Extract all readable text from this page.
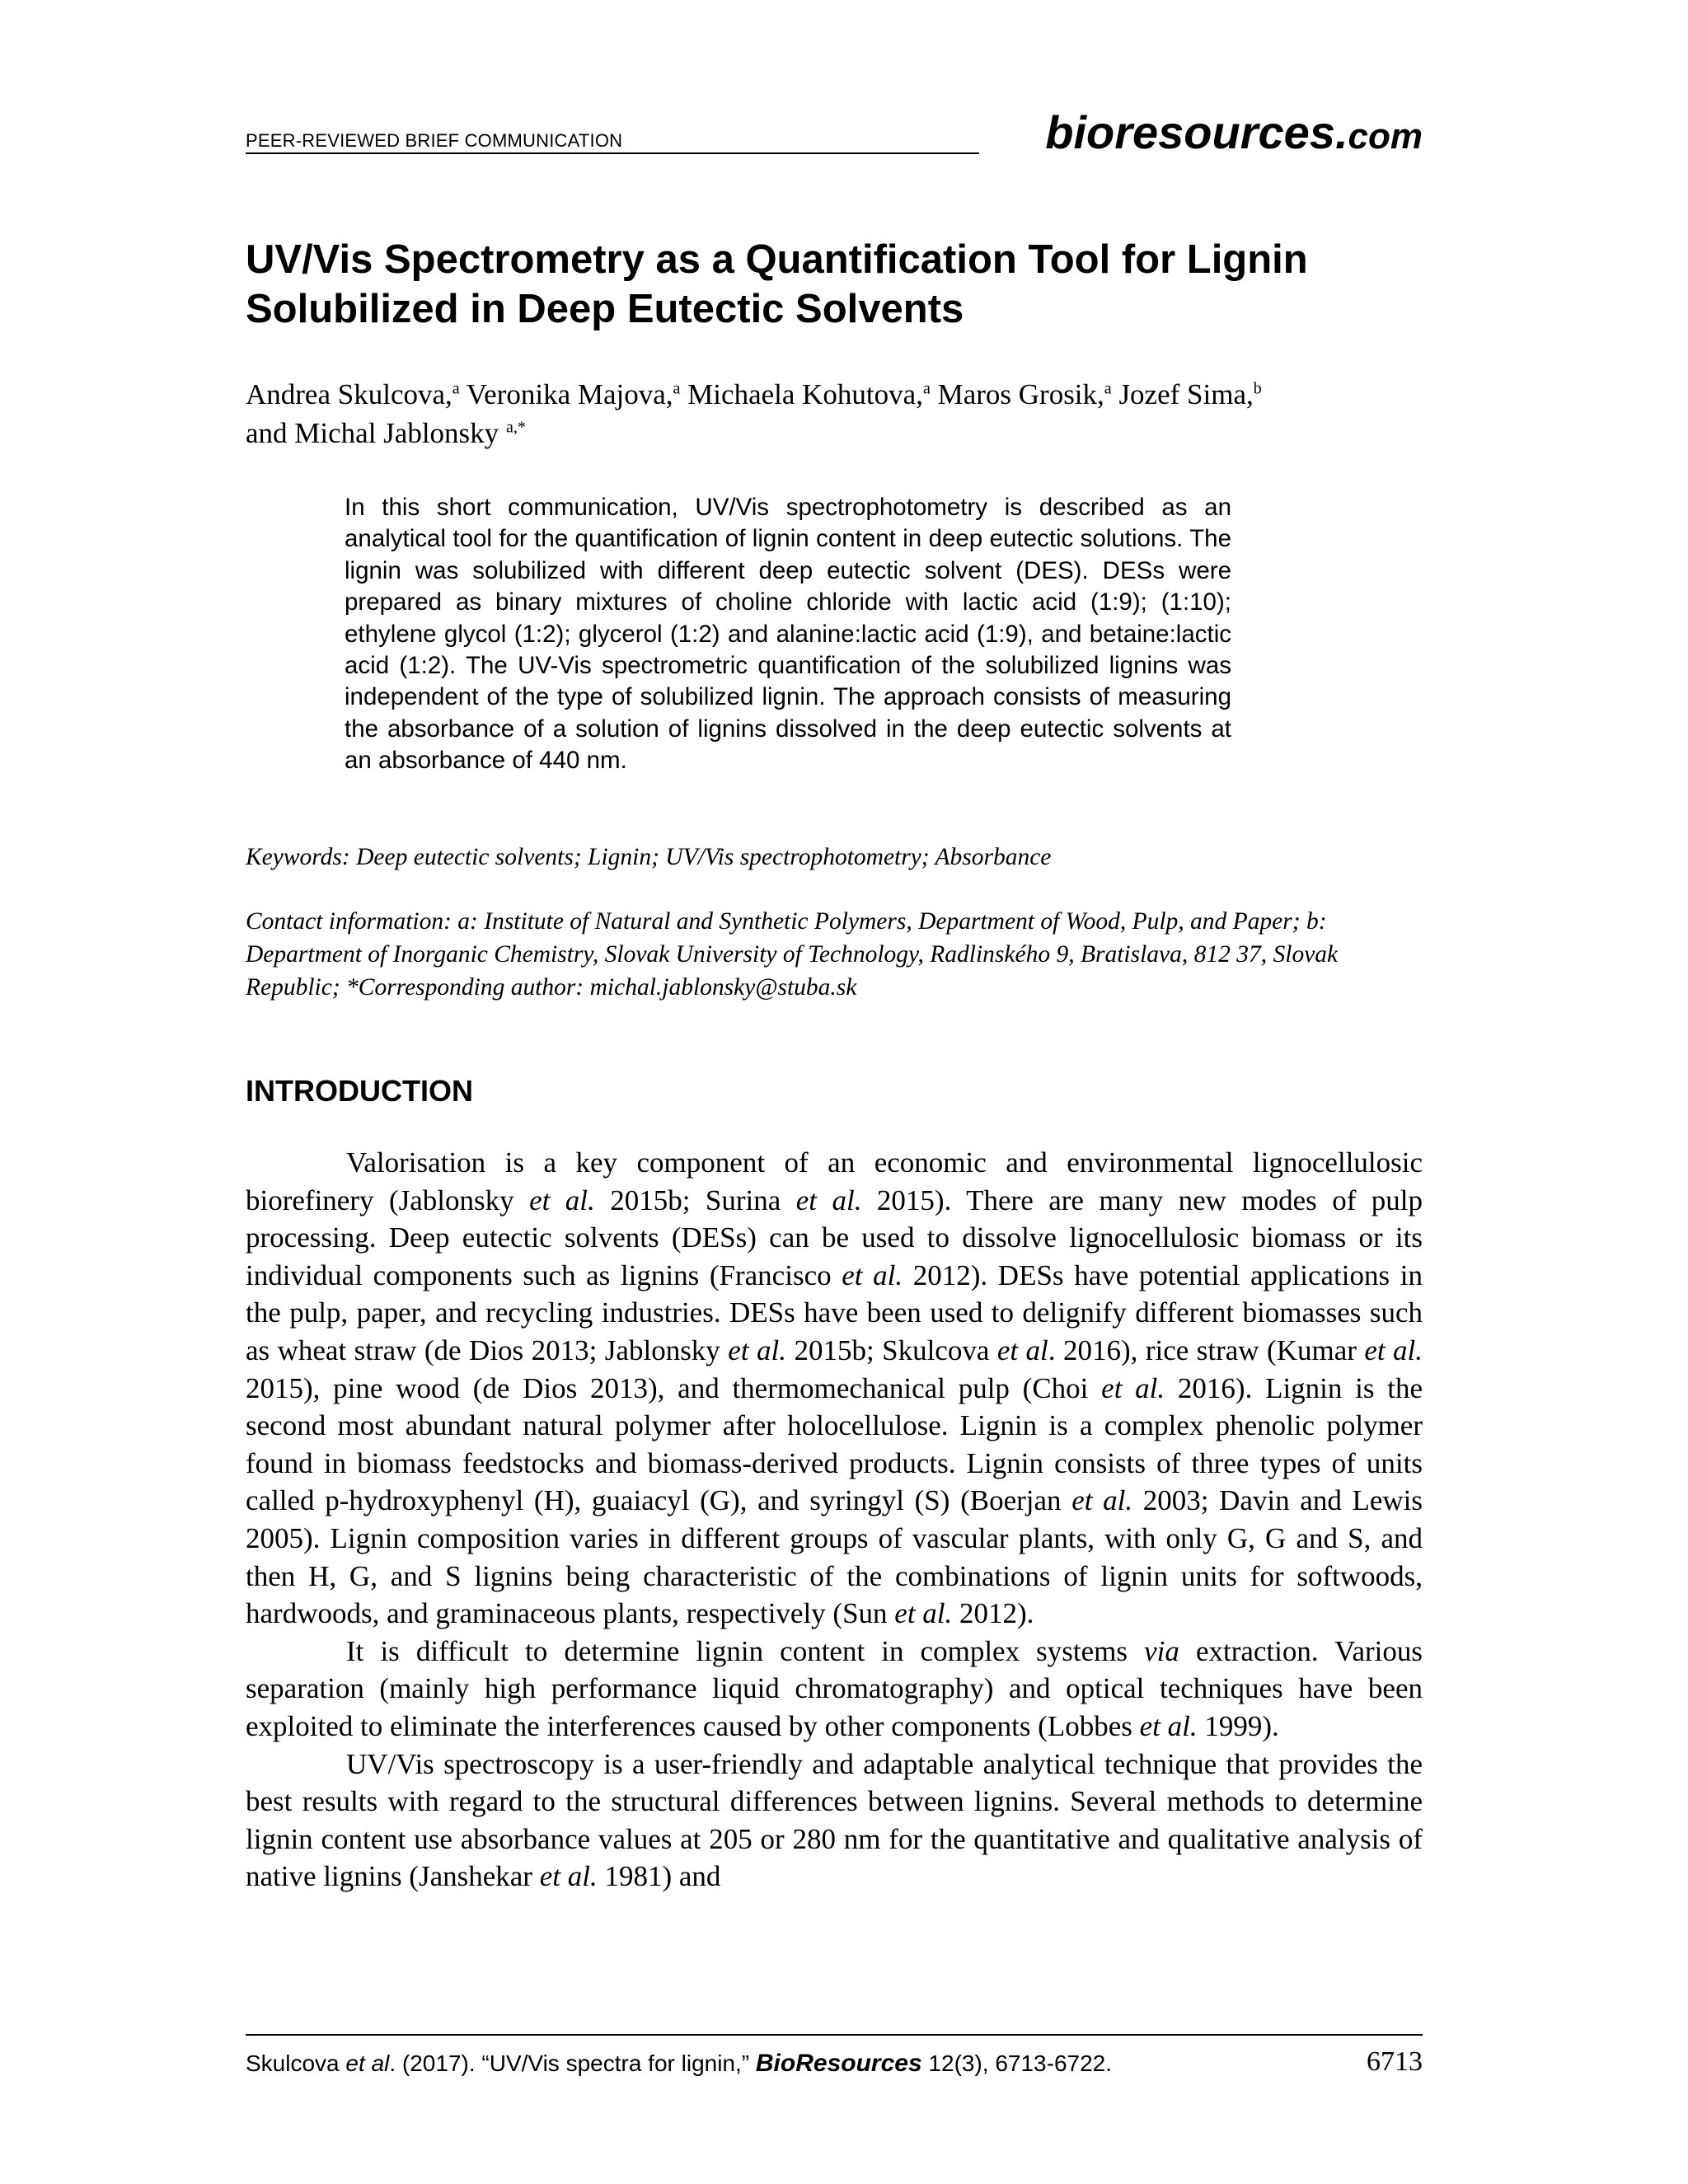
PEER-REVIEWED BRIEF COMMUNICATION	bioresources.com
UV/Vis Spectrometry as a Quantification Tool for Lignin
Solubilized in Deep Eutectic Solvents
Andrea Skulcova,$^a$ Veronika Majova,$^a$ Michaela Kohutova,$^a$ Maros Grosik,$^a$ Jozef Sima,$^b$
and Michal Jablonsky $^{a,*}$
In this short communication, UV/Vis spectrophotometry is described as an analytical tool for the quantification of lignin content in deep eutectic solutions. The lignin was solubilized with different deep eutectic solvent (DES). DESs were prepared as binary mixtures of choline chloride with lactic acid (1:9); (1:10); ethylene glycol (1:2); glycerol (1:2) and alanine:lactic acid (1:9), and betaine:lactic acid (1:2). The UV-Vis spectrometric quantification of the solubilized lignins was independent of the type of solubilized lignin. The approach consists of measuring the absorbance of a solution of lignins dissolved in the deep eutectic solvents at an absorbance of 440 nm.
Keywords: Deep eutectic solvents; Lignin; UV/Vis spectrophotometry; Absorbance
Contact information: a: Institute of Natural and Synthetic Polymers, Department of Wood, Pulp, and Paper; b: Department of Inorganic Chemistry, Slovak University of Technology, Radlinského 9, Bratislava, 812 37, Slovak Republic; *Corresponding author: michal.jablonsky@stuba.sk
INTRODUCTION

Valorisation is a key component of an economic and environmental lignocellulosic biorefinery (Jablonsky et al. 2015b; Surina et al. 2015). There are many new modes of pulp processing. Deep eutectic solvents (DESs) can be used to dissolve lignocellulosic biomass or its individual components such as lignins (Francisco et al. 2012). DESs have potential applications in the pulp, paper, and recycling industries. DESs have been used to delignify different biomasses such as wheat straw (de Dios 2013; Jablonsky et al. 2015b; Skulcova et al. 2016), rice straw (Kumar et al. 2015), pine wood (de Dios 2013), and thermomechanical pulp (Choi et al. 2016). Lignin is the second most abundant natural polymer after holocellulose. Lignin is a complex phenolic polymer found in biomass feedstocks and biomass-derived products. Lignin consists of three types of units called p-hydroxyphenyl (H), guaiacyl (G), and syringyl (S) (Boerjan et al. 2003; Davin and Lewis 2005). Lignin composition varies in different groups of vascular plants, with only G, G and S, and then H, G, and S lignins being characteristic of the combinations of lignin units for softwoods, hardwoods, and graminaceous plants, respectively (Sun et al. 2012).

It is difficult to determine lignin content in complex systems via extraction. Various separation (mainly high performance liquid chromatography) and optical techniques have been exploited to eliminate the interferences caused by other components (Lobbes et al. 1999).

UV/Vis spectroscopy is a user-friendly and adaptable analytical technique that provides the best results with regard to the structural differences between lignins. Several methods to determine lignin content use absorbance values at 205 or 280 nm for the quantitative and qualitative analysis of native lignins (Janshekar et al. 1981) and

Skulcova et al. (2017). “UV/Vis spectra for lignin,” BioResources 12(3), 6713-6722.	6713
